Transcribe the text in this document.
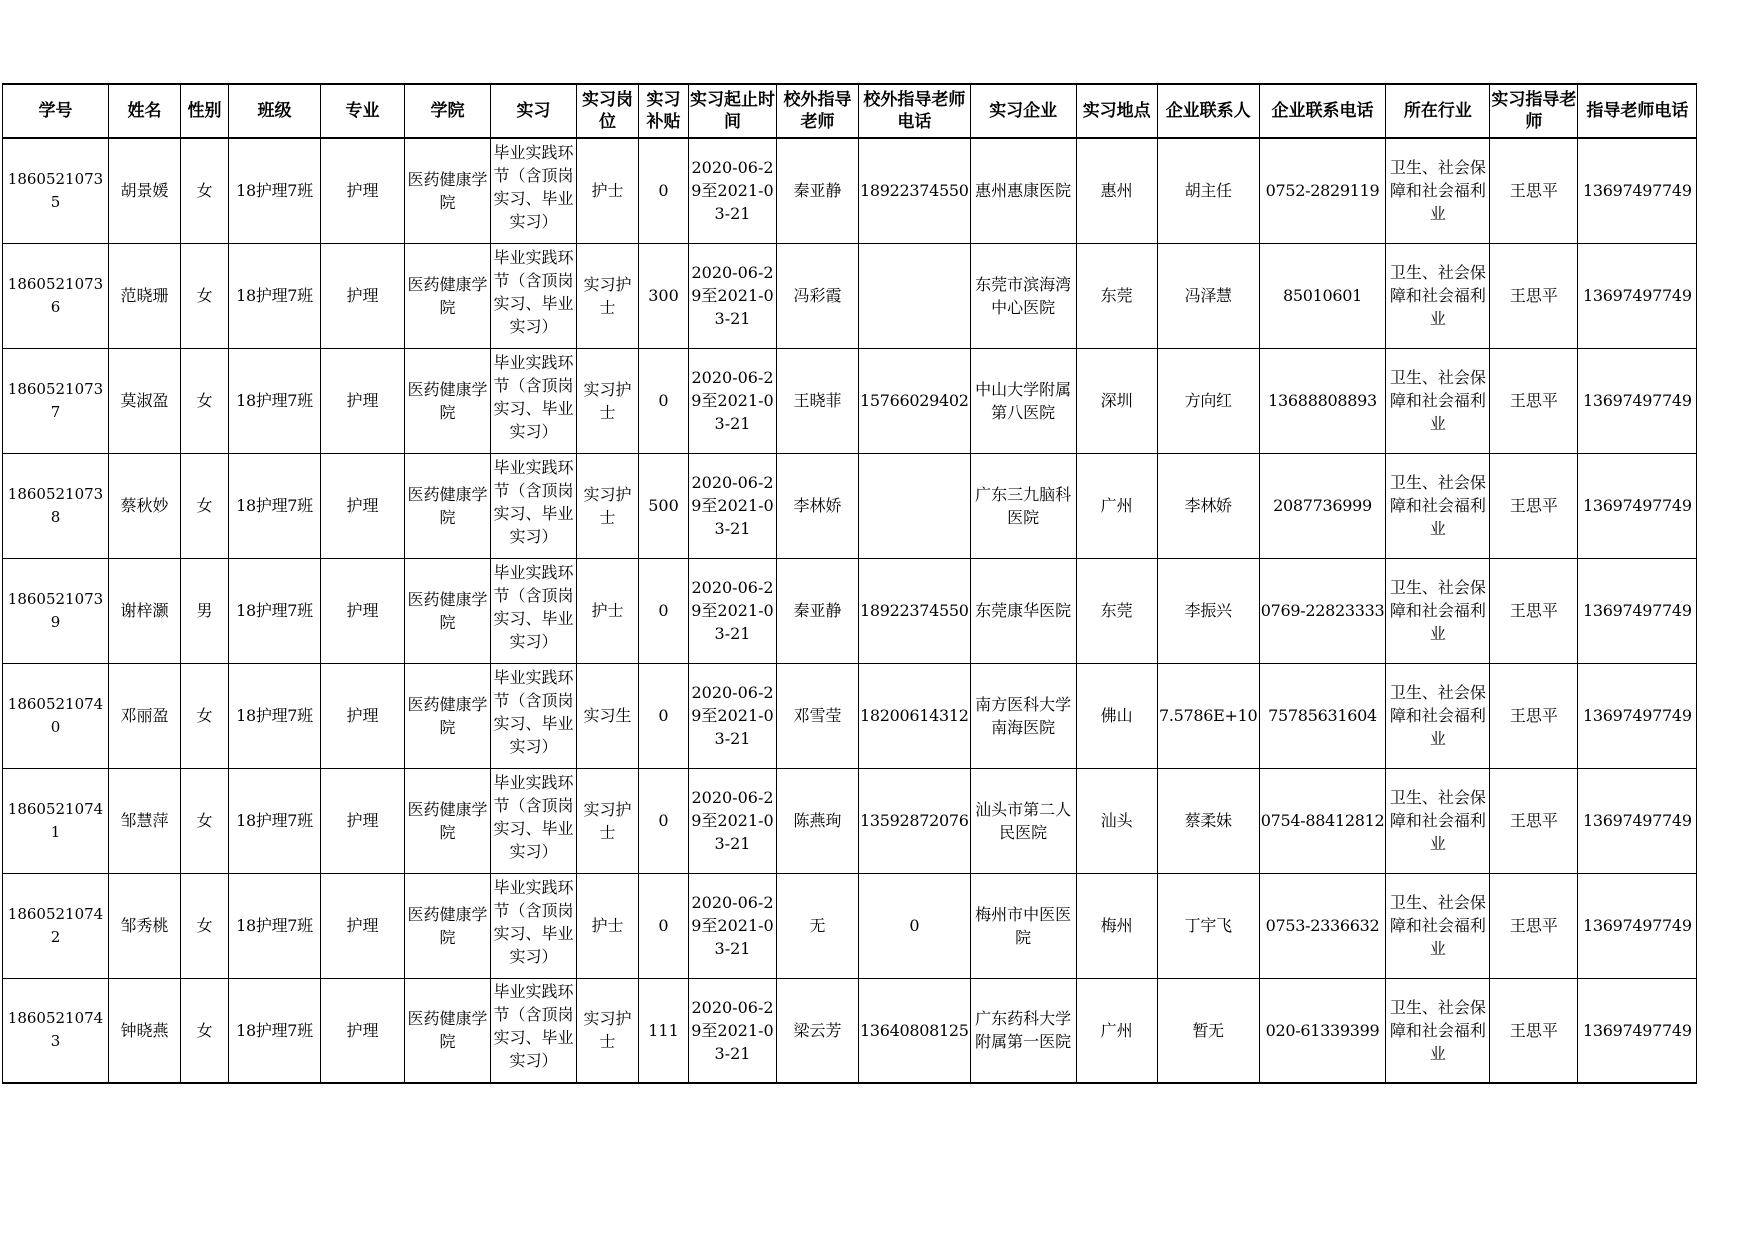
学号	姓名	性别	班级	专业	学院	实习	实习岗位	实习补贴	实习起止时间	校外指导老师	校外指导老师电话	实习企业	实习地点	企业联系人	企业联系电话	所在行业	实习指导老师	指导老师电话
18605210735	胡景媛	女	18护理7班	护理	医药健康学院	毕业实践环节（含顶岗实习、毕业实习）	护士	0	2020-06-29至2021-03-21	秦亚静	18922374550	惠州惠康医院	惠州	胡主任	0752-2829119	卫生、社会保障和社会福利业	王思平	13697497749
18605210736	范晓珊	女	18护理7班	护理	医药健康学院	毕业实践环节（含顶岗实习、毕业实习）	实习护士	300	2020-06-29至2021-03-21	冯彩霞		东莞市滨海湾中心医院	东莞	冯泽慧	85010601	卫生、社会保障和社会福利业	王思平	13697497749
18605210737	莫淑盈	女	18护理7班	护理	医药健康学院	毕业实践环节（含顶岗实习、毕业实习）	实习护士	0	2020-06-29至2021-03-21	王晓菲	15766029402	中山大学附属第八医院	深圳	方向红	13688808893	卫生、社会保障和社会福利业	王思平	13697497749
18605210738	蔡秋妙	女	18护理7班	护理	医药健康学院	毕业实践环节（含顶岗实习、毕业实习）	实习护士	500	2020-06-29至2021-03-21	李林娇		广东三九脑科医院	广州	李林娇	2087736999	卫生、社会保障和社会福利业	王思平	13697497749
18605210739	谢梓灏	男	18护理7班	护理	医药健康学院	毕业实践环节（含顶岗实习、毕业实习）	护士	0	2020-06-29至2021-03-21	秦亚静	18922374550	东莞康华医院	东莞	李振兴	0769-22823333	卫生、社会保障和社会福利业	王思平	13697497749
18605210740	邓丽盈	女	18护理7班	护理	医药健康学院	毕业实践环节（含顶岗实习、毕业实习）	实习生	0	2020-06-29至2021-03-21	邓雪莹	18200614312	南方医科大学南海医院	佛山	7.5786E+10	75785631604	卫生、社会保障和社会福利业	王思平	13697497749
18605210741	邹慧萍	女	18护理7班	护理	医药健康学院	毕业实践环节（含顶岗实习、毕业实习）	实习护士	0	2020-06-29至2021-03-21	陈燕珣	13592872076	汕头市第二人民医院	汕头	蔡柔妹	0754-88412812	卫生、社会保障和社会福利业	王思平	13697497749
18605210742	邹秀桃	女	18护理7班	护理	医药健康学院	毕业实践环节（含顶岗实习、毕业实习）	护士	0	2020-06-29至2021-03-21	无	0	梅州市中医医院	梅州	丁宇飞	0753-2336632	卫生、社会保障和社会福利业	王思平	13697497749
18605210743	钟晓燕	女	18护理7班	护理	医药健康学院	毕业实践环节（含顶岗实习、毕业实习）	实习护士	111	2020-06-29至2021-03-21	梁云芳	13640808125	广东药科大学附属第一医院	广州	暂无	020-61339399	卫生、社会保障和社会福利业	王思平	13697497749
